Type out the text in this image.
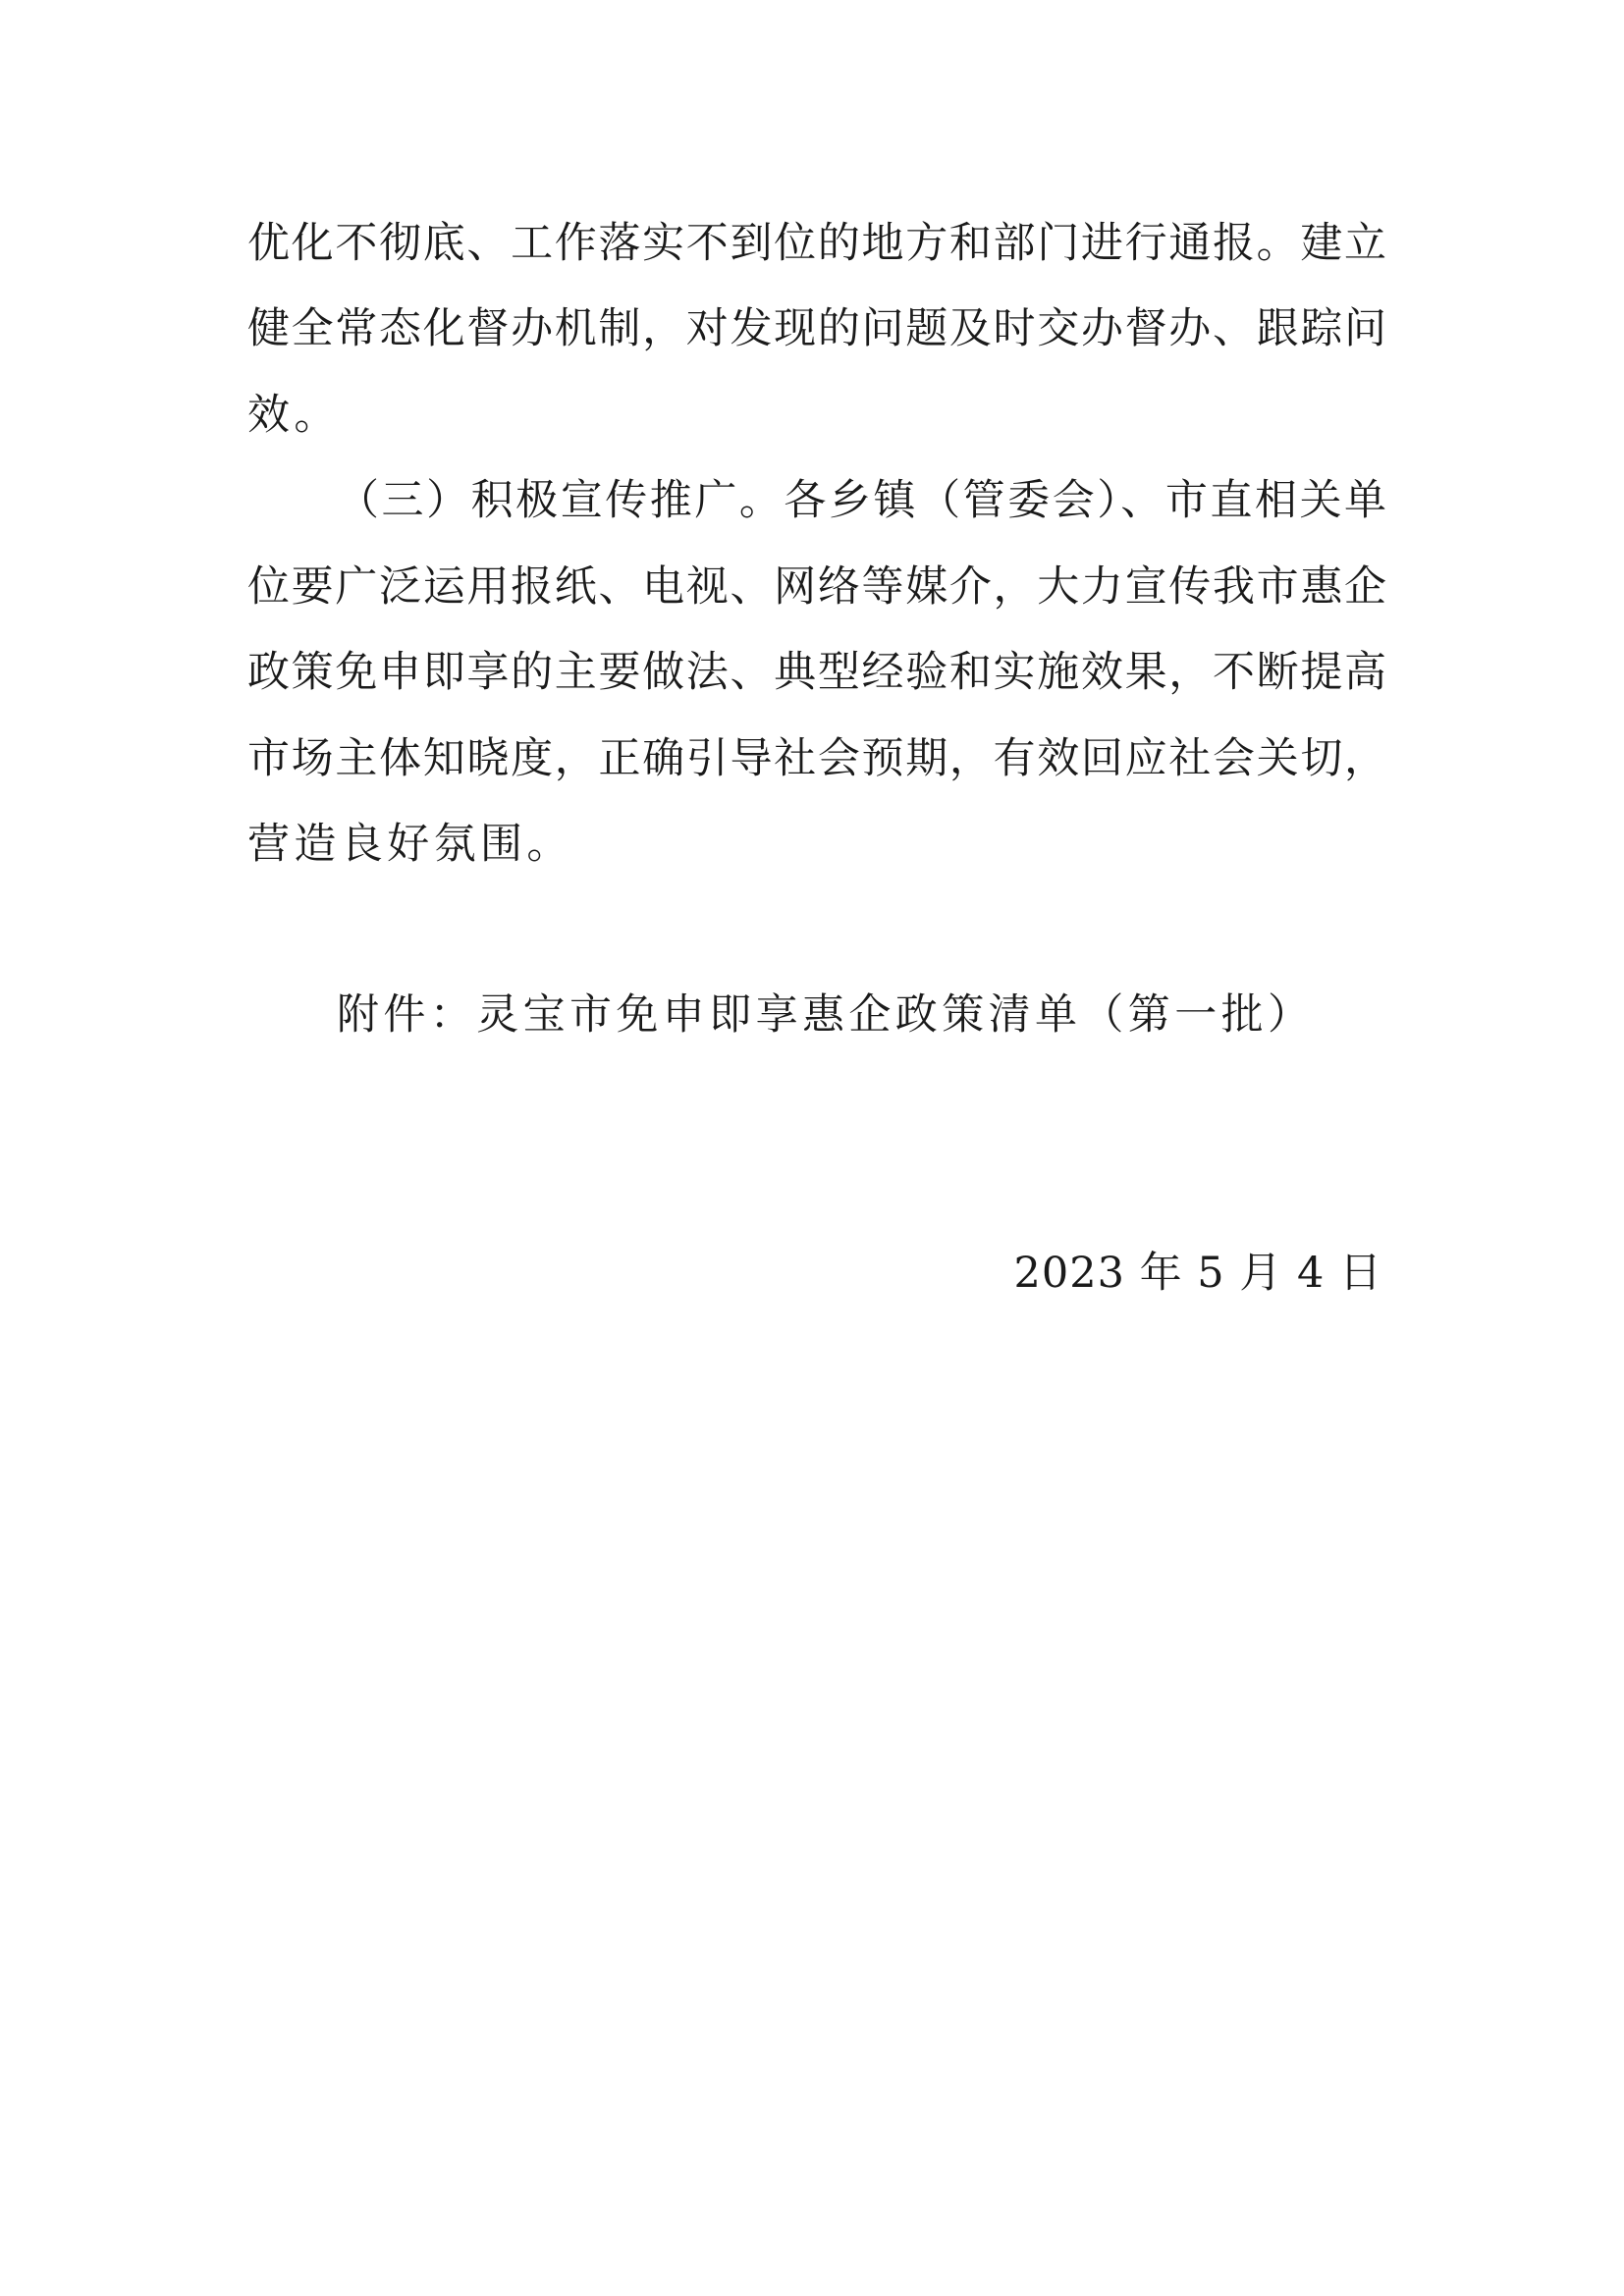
优化不彻底、工作落实不到位的地方和部门进行通报。建立
健全常态化督办机制，对发现的问题及时交办督办、跟踪问
效。
（三）积极宣传推广。各乡镇（管委会）、市直相关单
位要广泛运用报纸、电视、网络等媒介，大力宣传我市惠企
政策免申即享的主要做法、典型经验和实施效果，不断提高
市场主体知晓度，正确引导社会预期，有效回应社会关切，
营造良好氛围。
附件：灵宝市免申即享惠企政策清单（第一批）
2023 年 5 月 4 日
